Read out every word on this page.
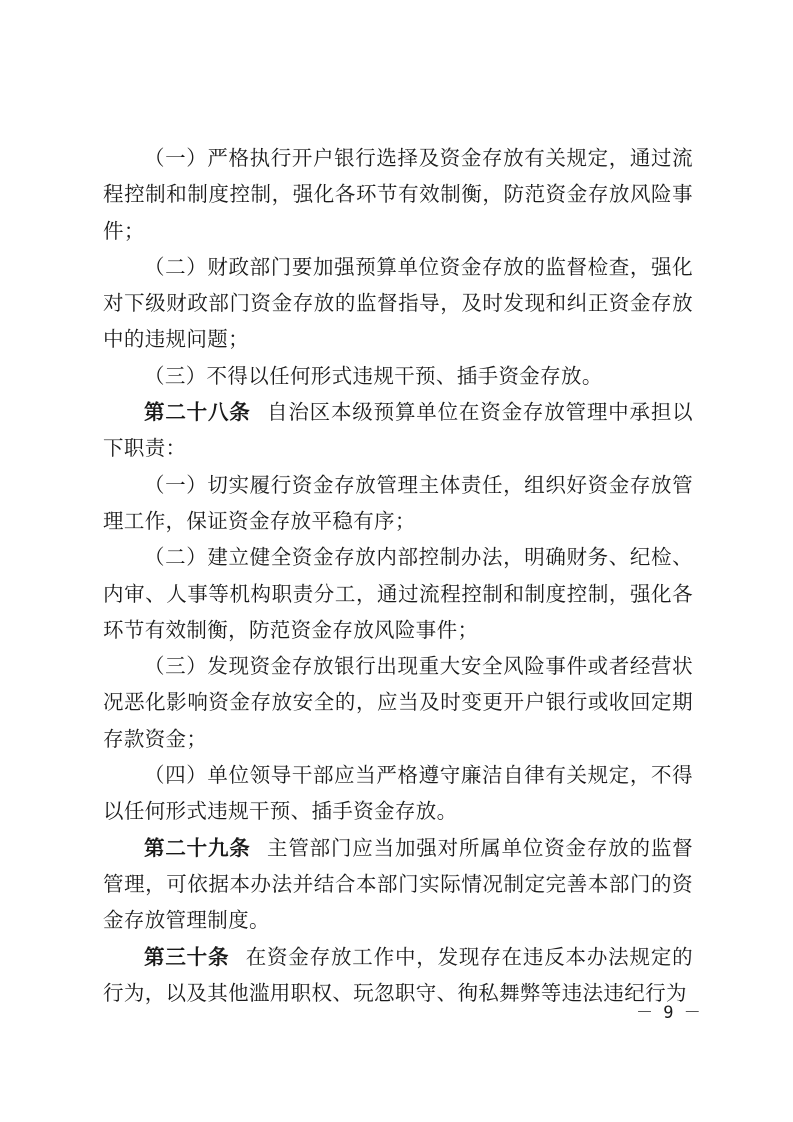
（一）严格执行开户银行选择及资金存放有关规定，通过流程控制和制度控制，强化各环节有效制衡，防范资金存放风险事件；

（二）财政部门要加强预算单位资金存放的监督检查，强化对下级财政部门资金存放的监督指导，及时发现和纠正资金存放中的违规问题；

（三）不得以任何形式违规干预、插手资金存放。

第二十八条 自治区本级预算单位在资金存放管理中承担以下职责：

（一）切实履行资金存放管理主体责任，组织好资金存放管理工作，保证资金存放平稳有序；

（二）建立健全资金存放内部控制办法，明确财务、纪检、内审、人事等机构职责分工，通过流程控制和制度控制，强化各环节有效制衡，防范资金存放风险事件；

（三）发现资金存放银行出现重大安全风险事件或者经营状况恶化影响资金存放安全的，应当及时变更开户银行或收回定期存款资金；

（四）单位领导干部应当严格遵守廉洁自律有关规定，不得以任何形式违规干预、插手资金存放。

第二十九条 主管部门应当加强对所属单位资金存放的监督管理，可依据本办法并结合本部门实际情况制定完善本部门的资金存放管理制度。

第三十条 在资金存放工作中，发现存在违反本办法规定的行为，以及其他滥用职权、玩忽职守、徇私舞弊等违法违纪行为

－ 9 －
